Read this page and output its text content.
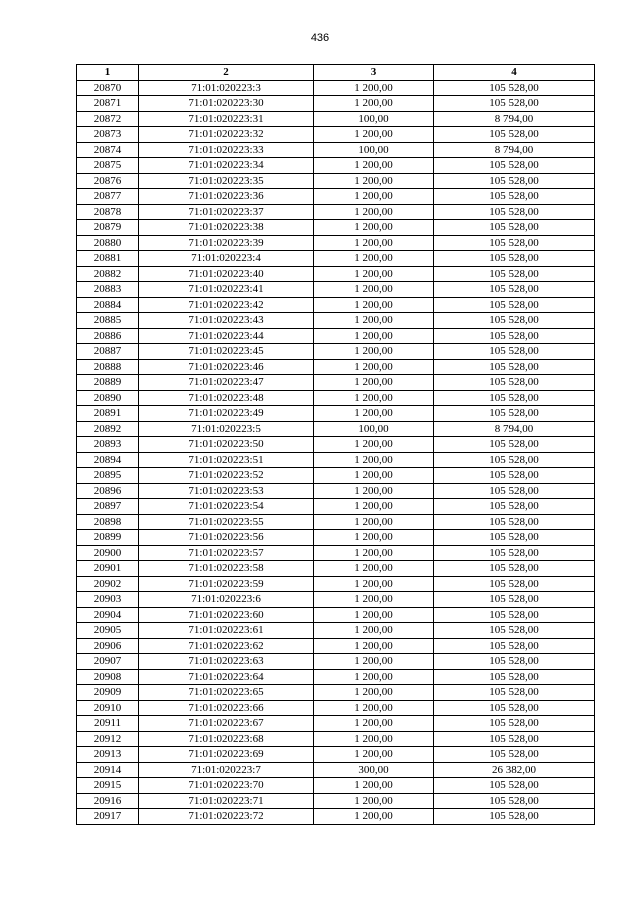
436
1	2	3	4
20870	71:01:020223:3	1 200,00	105 528,00
20871	71:01:020223:30	1 200,00	105 528,00
20872	71:01:020223:31	100,00	8 794,00
20873	71:01:020223:32	1 200,00	105 528,00
20874	71:01:020223:33	100,00	8 794,00
20875	71:01:020223:34	1 200,00	105 528,00
20876	71:01:020223:35	1 200,00	105 528,00
20877	71:01:020223:36	1 200,00	105 528,00
20878	71:01:020223:37	1 200,00	105 528,00
20879	71:01:020223:38	1 200,00	105 528,00
20880	71:01:020223:39	1 200,00	105 528,00
20881	71:01:020223:4	1 200,00	105 528,00
20882	71:01:020223:40	1 200,00	105 528,00
20883	71:01:020223:41	1 200,00	105 528,00
20884	71:01:020223:42	1 200,00	105 528,00
20885	71:01:020223:43	1 200,00	105 528,00
20886	71:01:020223:44	1 200,00	105 528,00
20887	71:01:020223:45	1 200,00	105 528,00
20888	71:01:020223:46	1 200,00	105 528,00
20889	71:01:020223:47	1 200,00	105 528,00
20890	71:01:020223:48	1 200,00	105 528,00
20891	71:01:020223:49	1 200,00	105 528,00
20892	71:01:020223:5	100,00	8 794,00
20893	71:01:020223:50	1 200,00	105 528,00
20894	71:01:020223:51	1 200,00	105 528,00
20895	71:01:020223:52	1 200,00	105 528,00
20896	71:01:020223:53	1 200,00	105 528,00
20897	71:01:020223:54	1 200,00	105 528,00
20898	71:01:020223:55	1 200,00	105 528,00
20899	71:01:020223:56	1 200,00	105 528,00
20900	71:01:020223:57	1 200,00	105 528,00
20901	71:01:020223:58	1 200,00	105 528,00
20902	71:01:020223:59	1 200,00	105 528,00
20903	71:01:020223:6	1 200,00	105 528,00
20904	71:01:020223:60	1 200,00	105 528,00
20905	71:01:020223:61	1 200,00	105 528,00
20906	71:01:020223:62	1 200,00	105 528,00
20907	71:01:020223:63	1 200,00	105 528,00
20908	71:01:020223:64	1 200,00	105 528,00
20909	71:01:020223:65	1 200,00	105 528,00
20910	71:01:020223:66	1 200,00	105 528,00
20911	71:01:020223:67	1 200,00	105 528,00
20912	71:01:020223:68	1 200,00	105 528,00
20913	71:01:020223:69	1 200,00	105 528,00
20914	71:01:020223:7	300,00	26 382,00
20915	71:01:020223:70	1 200,00	105 528,00
20916	71:01:020223:71	1 200,00	105 528,00
20917	71:01:020223:72	1 200,00	105 528,00
